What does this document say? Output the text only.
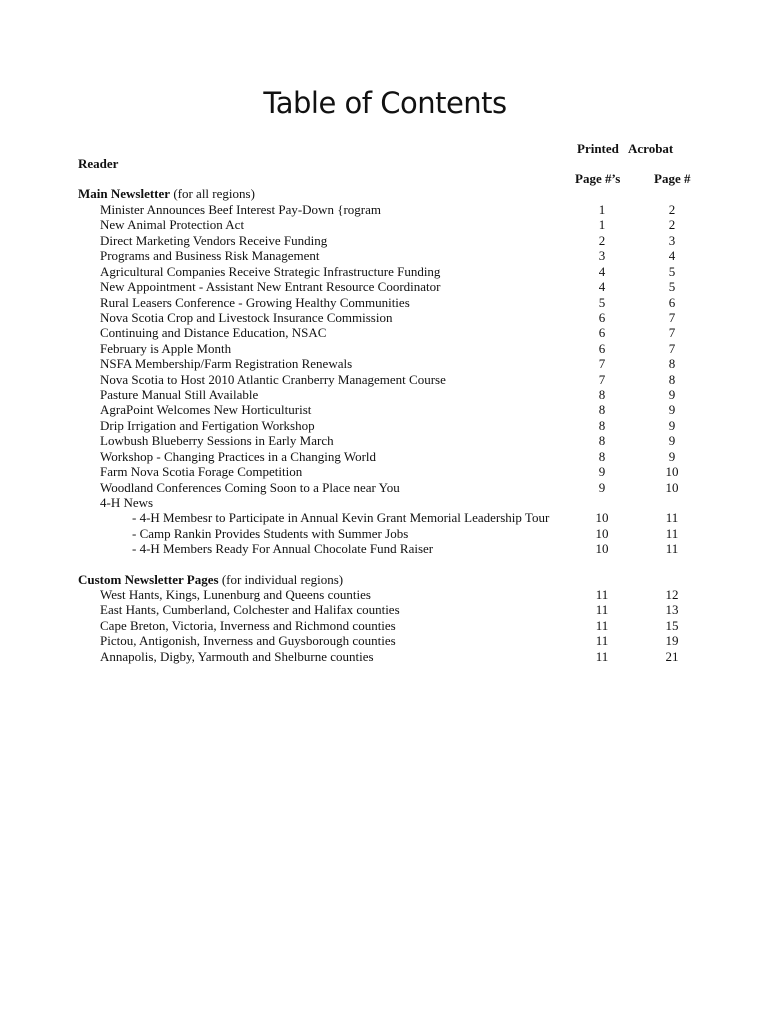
Table of Contents
Printed Acrobat
Page #’s	Page #
Reader
Main Newsletter (for all regions)
Minister Announces Beef Interest Pay-Down {rogram	1	2
New Animal Protection Act	1	2
Direct Marketing Vendors Receive Funding	2	3
Programs and Business Risk Management	3	4
Agricultural Companies Receive Strategic Infrastructure Funding	4	5
New Appointment - Assistant New Entrant Resource Coordinator	4	5
Rural Leasers Conference - Growing Healthy Communities	5	6
Nova Scotia Crop and Livestock Insurance Commission	6	7
Continuing and Distance Education, NSAC	6	7
February is Apple Month	6	7
NSFA Membership/Farm Registration Renewals	7	8
Nova Scotia to Host 2010 Atlantic Cranberry Management Course	7	8
Pasture Manual Still Available	8	9
AgraPoint Welcomes New Horticulturist	8	9
Drip Irrigation and Fertigation Workshop	8	9
Lowbush Blueberry Sessions in Early March	8	9
Workshop - Changing Practices in a Changing World	8	9
Farm Nova Scotia Forage Competition	9	10
Woodland Conferences Coming Soon to a Place near You	9	10
4-H News
- 4-H Membesr to Participate in Annual Kevin Grant Memorial Leadership Tour	10	11
- Camp Rankin Provides Students with Summer Jobs	10	11
- 4-H Members Ready For Annual Chocolate Fund Raiser	10	11
Custom Newsletter Pages (for individual regions)
West Hants, Kings, Lunenburg and Queens counties	11	12
East Hants, Cumberland, Colchester and Halifax counties	11	13
Cape Breton, Victoria, Inverness and Richmond counties	11	15
Pictou, Antigonish, Inverness and Guysborough counties	11	19
Annapolis, Digby, Yarmouth and Shelburne counties	11	21
